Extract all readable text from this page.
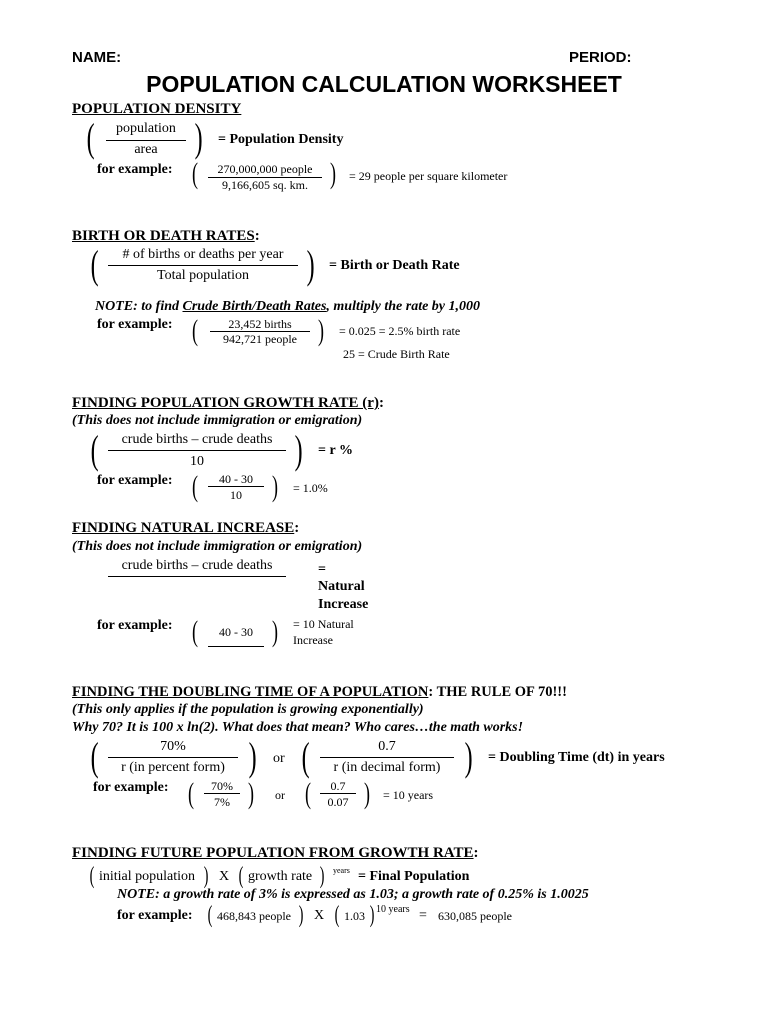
NAME:	PERIOD:
POPULATION CALCULATION WORKSHEET
POPULATION DENSITY
(	population
area ) = Population Density
for example: (	270,000,000 people
9,166,605 sq. km. ) = 29 people per square kilometer
BIRTH OR DEATH RATES:
(	# of births or deaths per year
Total population	) = Birth or Death Rate
NOTE: to find Crude Birth/Death Rates, multiply the rate by 1,000
for example: (	23,452 births
942,721 people ) = 0.025 = 2.5% birth rate
25 = Crude Birth Rate
FINDING POPULATION GROWTH RATE (r):
(This does not include immigration or emigration)
(	crude births – crude deaths
10	) = r %
for example: (	40 - 30
10	) = 1.0%
FINDING NATURAL INCREASE:
(This does not include immigration or emigration)
crude births – crude deaths	=
Natural
Increase
for example: (	40 - 30 ) = 10 Natural
Increase
FINDING THE DOUBLING TIME OF A POPULATION: THE RULE OF 70!!!
(This only applies if the population is growing exponentially)
Why 70? It is 100 x ln(2). What does that mean? Who cares…the math works!
(	70%
r (in percent form) ) or (	0.7
r (in decimal form) ) = Doubling Time (dt) in years
for example: (	70%
7% ) or (	0.7
0.07 ) = 10 years
FINDING FUTURE POPULATION FROM GROWTH RATE:
( initial population ) X ( growth rate ) years = Final Population
NOTE: a growth rate of 3% is expressed as 1.03; a growth rate of 0.25% is 1.0025
for example: ( 468,843 people ) X ( 1.03 ) 10 years = 630,085 people
